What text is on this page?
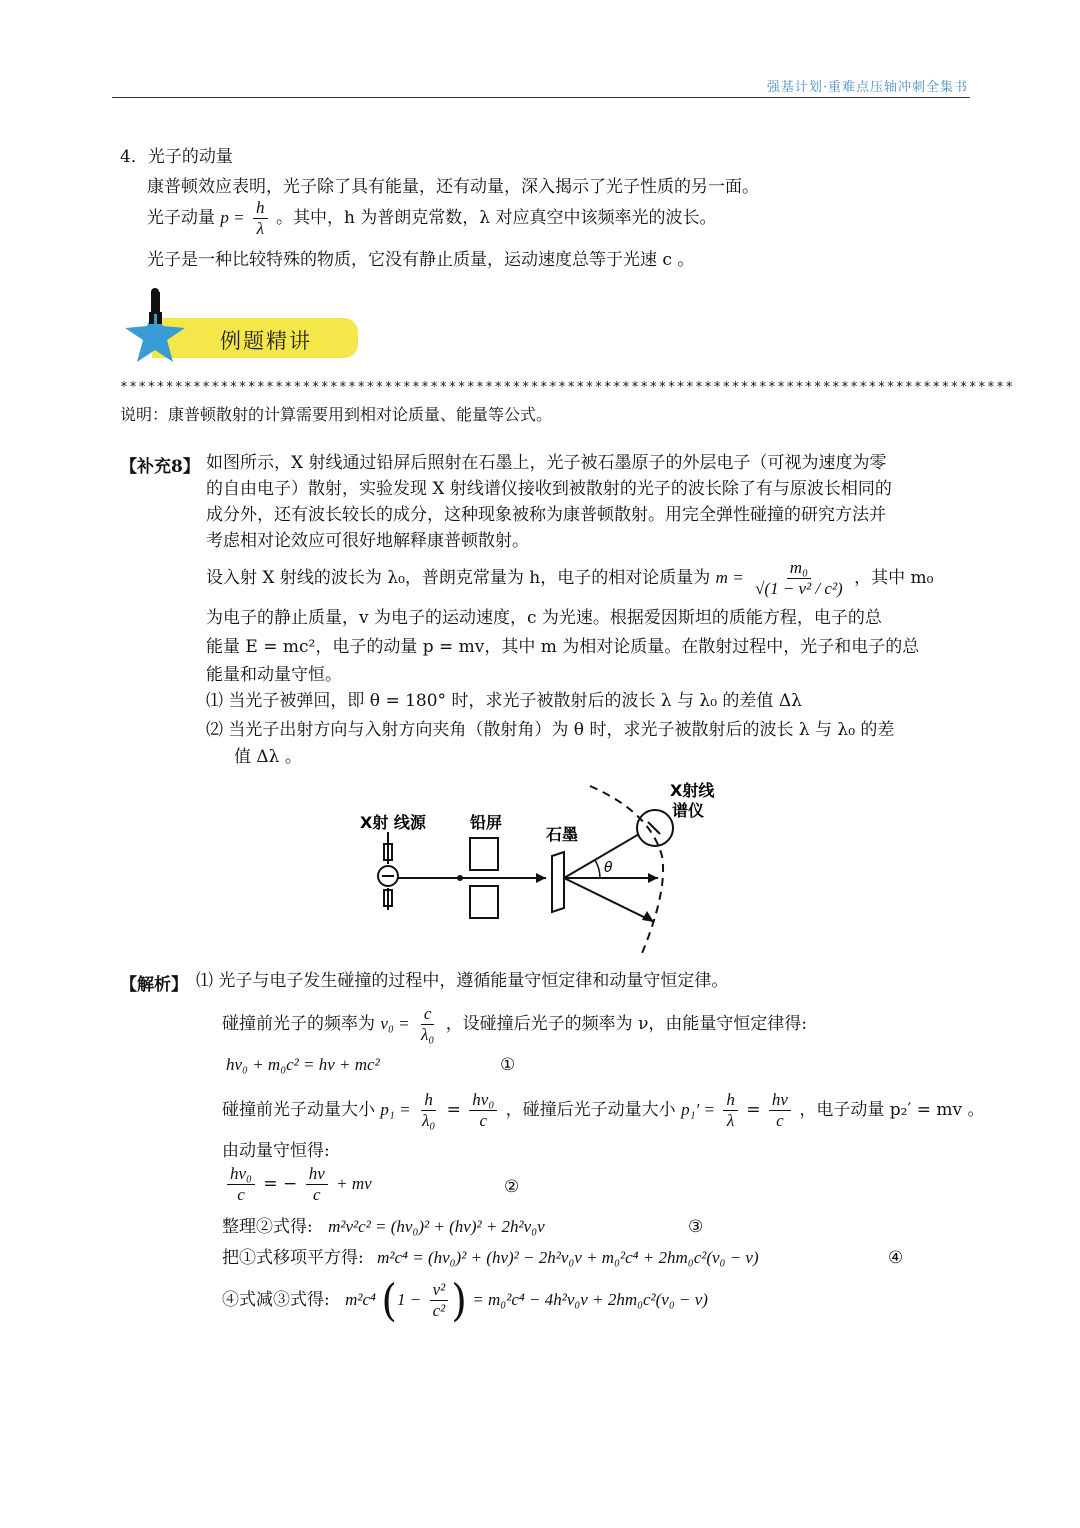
强基计划·重难点压轴冲刺全集书
4．光子的动量
康普顿效应表明，光子除了具有能量，还有动量，深入揭示了光子性质的另一面。
光子动量 $p = \frac{h}{\lambda}$ 。其中，h 为普朗克常数，λ 对应真空中该频率光的波长。
光子是一种比较特殊的物质，它没有静止质量，运动速度总等于光速 c 。
例题精讲
**************************************************************************************************
说明：康普顿散射的计算需要用到相对论质量、能量等公式。
【补充8】 如图所示，X 射线通过铅屏后照射在石墨上，光子被石墨原子的外层电子（可视为速度为零
的自由电子）散射，实验发现 X 射线谱仪接收到被散射的光子的波长除了有与原波长相同的
成分外，还有波长较长的成分，这种现象被称为康普顿散射。用完全弹性碰撞的研究方法并
考虑相对论效应可很好地解释康普顿散射。
设入射 X 射线的波长为 λ₀，普朗克常量为 h，电子的相对论质量为 $m = \frac{\text{m₀}}{\text{√(1 − v² / c²)}}$ ，其中 m₀
为电子的静止质量，v 为电子的运动速度，c 为光速。根据爱因斯坦的质能方程，电子的总
能量 E = mc²，电子的动量 p = mv，其中 m 为相对论质量。在散射过程中，光子和电子的总
能量和动量守恒。
⑴ 当光子被弹回，即 θ = 180° 时，求光子被散射后的波长 λ 与 λ₀ 的差值 Δλ
⑵ 当光子出射方向与入射方向夹角（散射角）为 θ 时，求光子被散射后的波长 λ 与 λ₀ 的差
值 Δλ 。
X射 线源	铅屏
石墨
X射线
谱仪
θ
【解析】 ⑴ 光子与电子发生碰撞的过程中，遵循能量守恒定律和动量守恒定律。
碰撞前光子的频率为 $\nu_0 = \frac{c}{\text{λ₀}}$ ，设碰撞后光子的频率为 ν，由能量守恒定律得:
hν₀ + m₀c² = hν + mc²	①
碰撞前光子动量大小 $p_1 = \frac{h}{\text{λ₀}} = \frac{\text{hν₀}}{c}$ ，碰撞后光子动量大小 $p_1' = \frac{h}{\lambda} = \frac{h\nu}{c}$ ，电子动量 p₂′ = mv 。
由动量守恒得:
$\frac{\text{hν₀}}{c}$ = − $\frac{h\nu}{c}$ + mv	②
整理②式得: m²v²c² = (hν₀)² + (hν)² + 2h²ν₀ν	③
把①式移项平方得: m²c⁴ = (hν₀)² + (hν)² − 2h²ν₀ν + m₀²c⁴ + 2hm₀c²(ν₀ − ν)	④
④式减③式得: m²c⁴ ($1 - \frac{\text{v²}}{\text{c²}}$ ) = m₀²c⁴ − 4h²ν₀ν + 2hm₀c²(ν₀ − ν)
